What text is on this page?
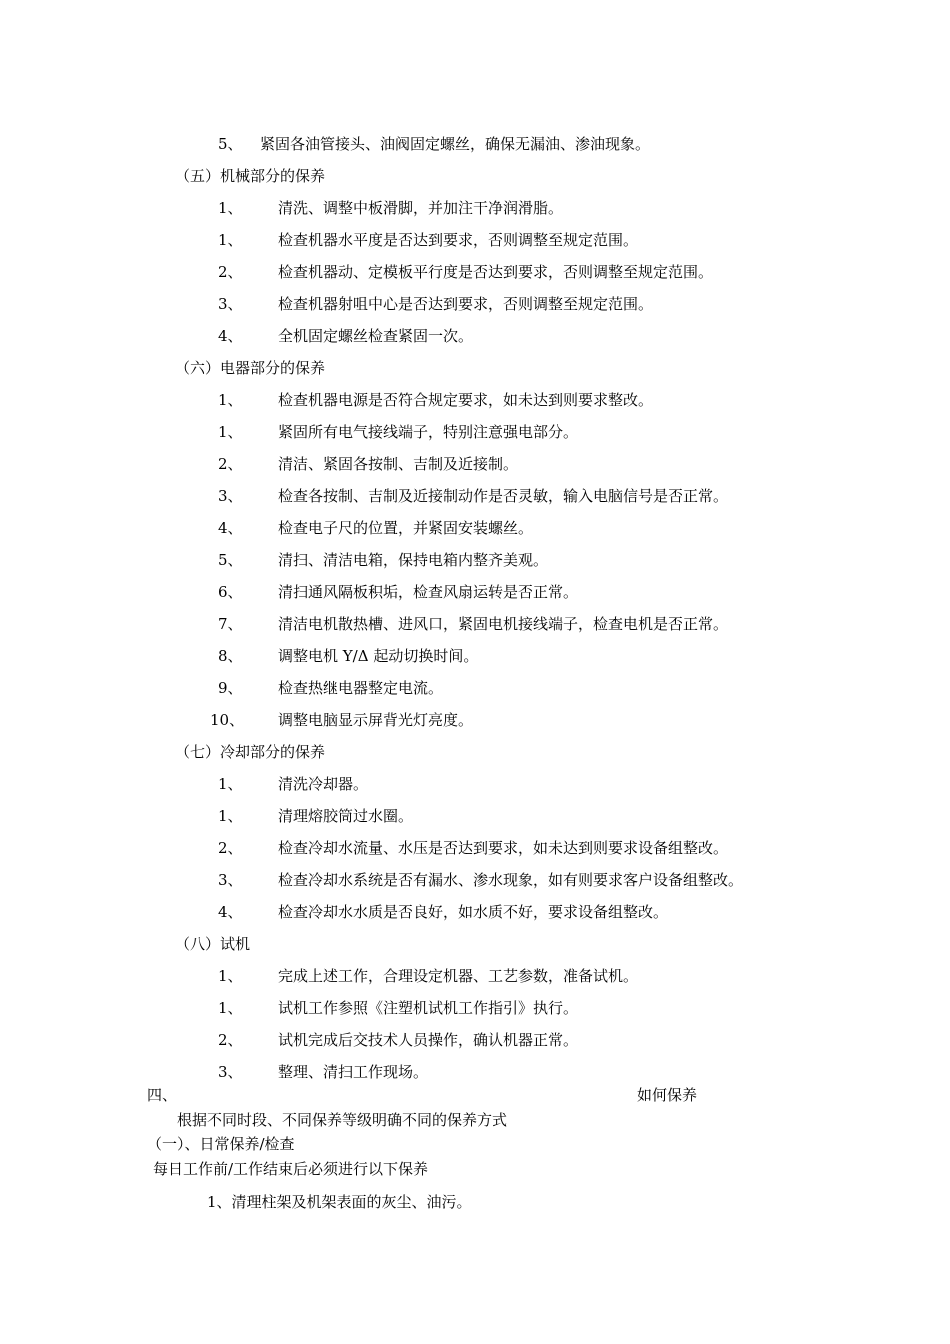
5、 紧固各油管接头、油阀固定螺丝，确保无漏油、渗油现象。
（五）机械部分的保养
1、 清洗、调整中板滑脚，并加注干净润滑脂。
1、 检查机器水平度是否达到要求，否则调整至规定范围。
2、 检查机器动、定模板平行度是否达到要求，否则调整至规定范围。
3、 检查机器射咀中心是否达到要求，否则调整至规定范围。
4、 全机固定螺丝检查紧固一次。
（六）电器部分的保养
1、 检查机器电源是否符合规定要求，如未达到则要求整改。
1、 紧固所有电气接线端子，特别注意强电部分。
2、 清洁、紧固各按制、吉制及近接制。
3、 检查各按制、吉制及近接制动作是否灵敏，输入电脑信号是否正常。
4、 检查电子尺的位置，并紧固安装螺丝。
5、 清扫、清洁电箱，保持电箱内整齐美观。
6、 清扫通风隔板积垢，检查风扇运转是否正常。
7、 清洁电机散热槽、进风口，紧固电机接线端子，检查电机是否正常。
8、 调整电机 Y/Δ 起动切换时间。
9、 检查热继电器整定电流。
10、 调整电脑显示屏背光灯亮度。
（七）冷却部分的保养
1、 清洗冷却器。
1、 清理熔胶筒过水圈。
2、 检查冷却水流量、水压是否达到要求，如未达到则要求设备组整改。
3、 检查冷却水系统是否有漏水、渗水现象，如有则要求客户设备组整改。
4、 检查冷却水水质是否良好，如水质不好，要求设备组整改。
（八）试机
1、 完成上述工作，合理设定机器、工艺参数，准备试机。
1、 试机工作参照《注塑机试机工作指引》执行。
2、 试机完成后交技术人员操作，确认机器正常。
3、 整理、清扫工作现场。
四、	如何保养
根据不同时段、不同保养等级明确不同的保养方式
（一）、日常保养/检查
每日工作前/工作结束后必须进行以下保养
1、清理柱架及机架表面的灰尘、油污。
